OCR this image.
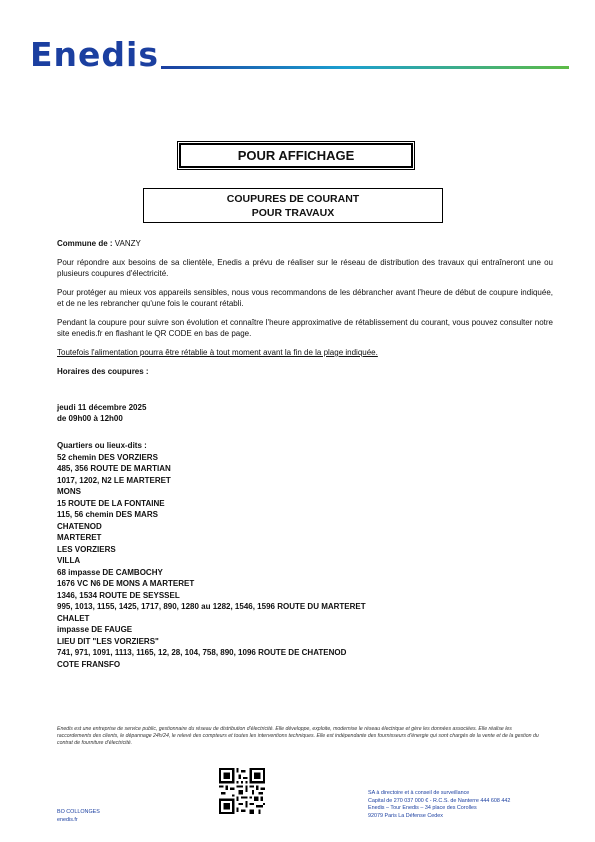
Enedis
POUR AFFICHAGE
COUPURES DE COURANT
POUR TRAVAUX

Commune de : VANZY

Pour répondre aux besoins de sa clientèle, Enedis a prévu de réaliser sur le réseau de distribution des travaux qui entraîneront une ou plusieurs coupures d'électricité.

Pour protéger au mieux vos appareils sensibles, nous vous recommandons de les débrancher avant l'heure de début de coupure indiquée, et de ne les rebrancher qu'une fois le courant rétabli.

Pendant la coupure pour suivre son évolution et connaître l'heure approximative de rétablissement du courant, vous pouvez consulter notre site enedis.fr en flashant le QR CODE en bas de page.

Toutefois l'alimentation pourra être rétablie à tout moment avant la fin de la plage indiquée.

Horaires des coupures :

jeudi 11 décembre 2025
de 09h00 à 12h00
Quartiers ou lieux-dits :
52 chemin DES VORZIERS
485, 356 ROUTE DE MARTIAN
1017, 1202, N2 LE MARTERET
MONS
15 ROUTE DE LA FONTAINE
115, 56 chemin DES MARS
CHATENOD
MARTERET
LES VORZIERS
VILLA
68 impasse DE CAMBOCHY
1676 VC N6 DE MONS A MARTERET
1346, 1534 ROUTE DE SEYSSEL
995, 1013, 1155, 1425, 1717, 890, 1280 au 1282, 1546, 1596 ROUTE DU MARTERET
CHALET
impasse DE FAUGE
LIEU DIT "LES VORZIERS"
741, 971, 1091, 1113, 1165, 12, 28, 104, 758, 890, 1096 ROUTE DE CHATENOD
COTE FRANSFO
Enedis est une entreprise de service public, gestionnaire du réseau de distribution d'électricité. Elle développe, exploite, modernise le réseau électrique et gère les données associées. Elle réalise les raccordements des clients, le dépannage 24h/24, le relevé des compteurs et toutes les interventions techniques. Elle est indépendante des fournisseurs d'énergie qui sont chargés de la vente et de la gestion du contrat de fourniture d'électricité.
SA à directoire et à conseil de surveillance
Capital de 270 037 000 € - R.C.S. de Nanterre 444 608 442
Enedis – Tour Enedis – 34 place des Corolles
92079 Paris La Défense Cedex
BO COLLONGES
enedis.fr
